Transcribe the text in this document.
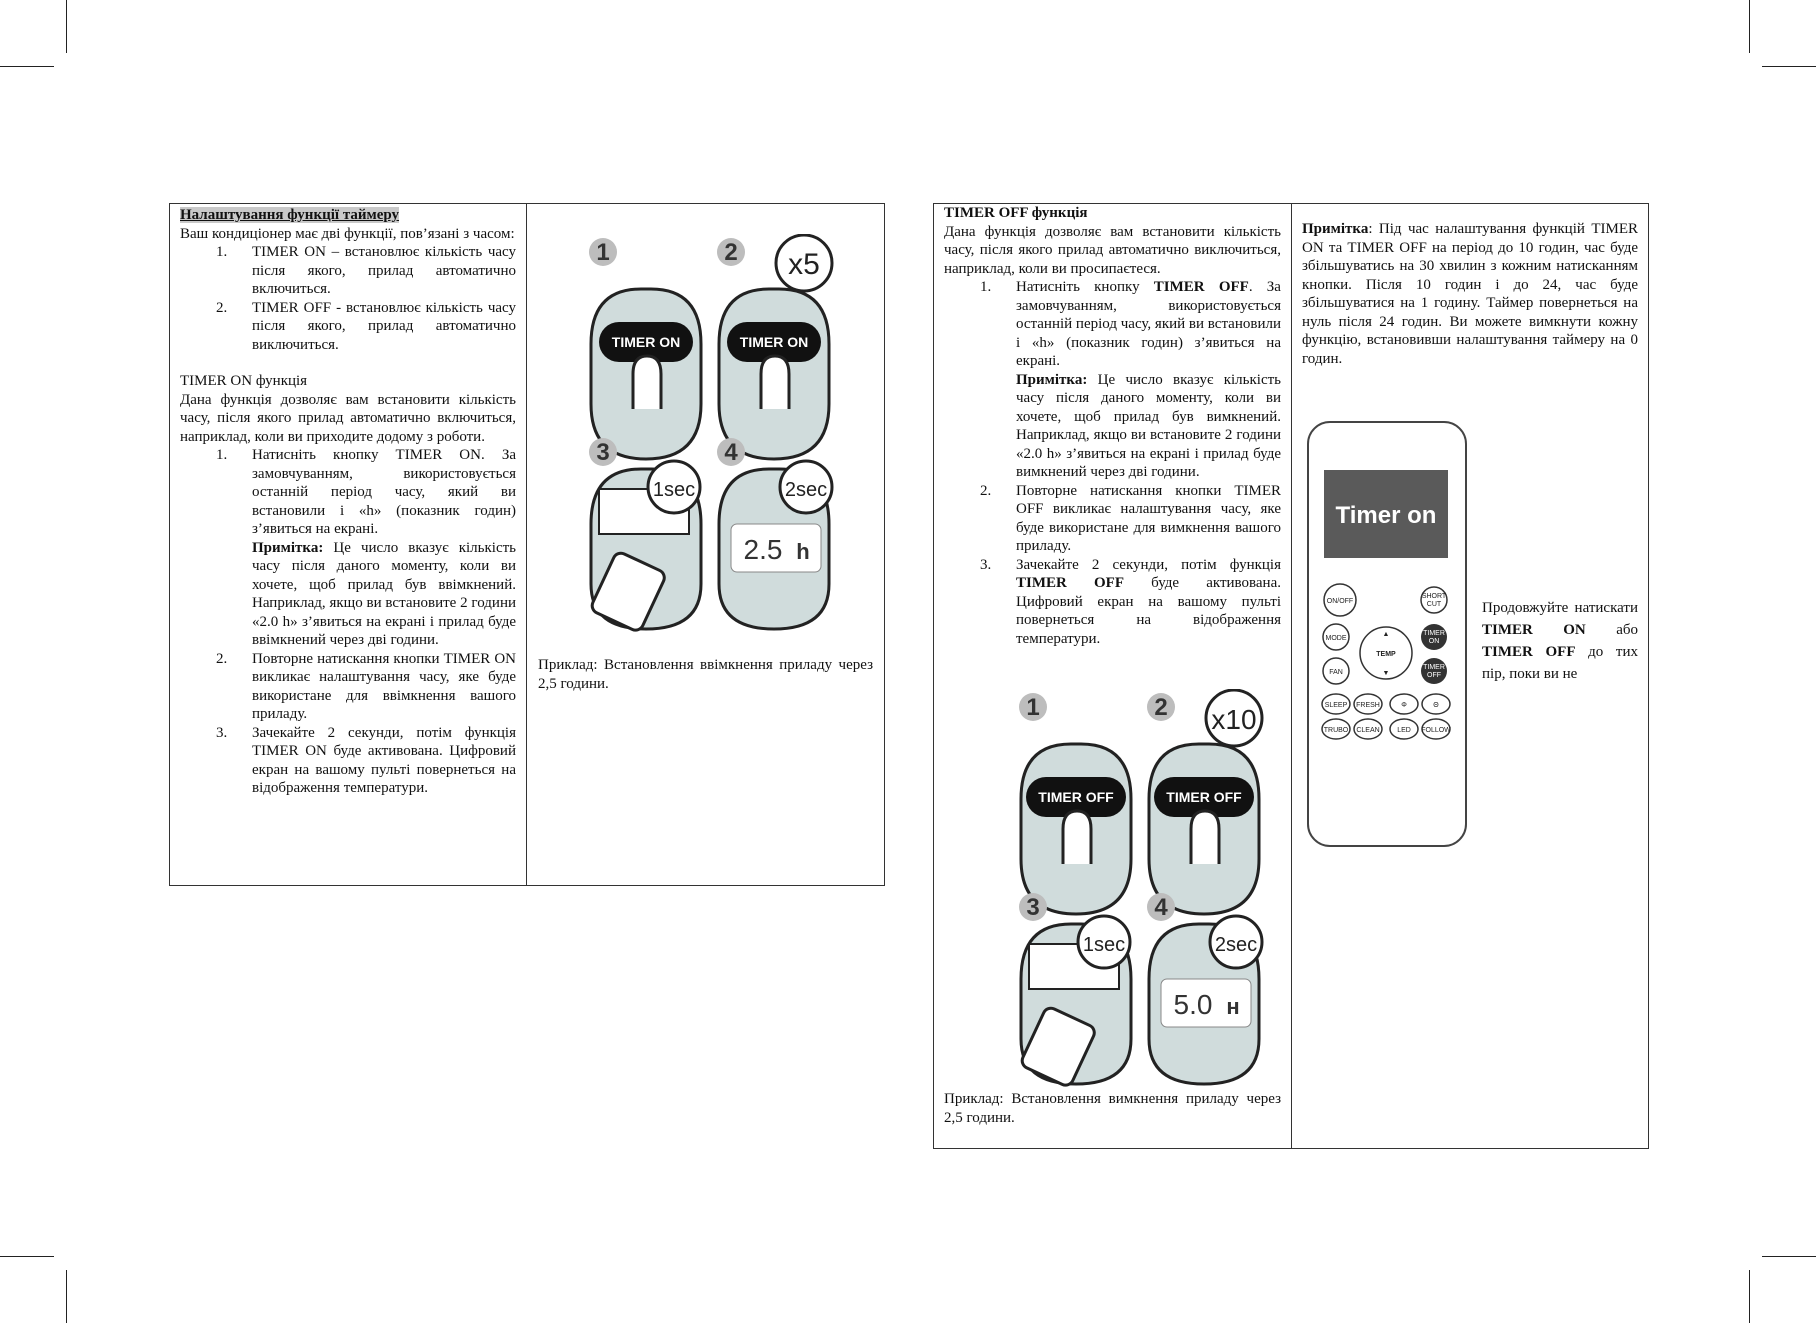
Налаштування функції таймеру

Ваш кондиціонер має дві функції, пов’язані з часом:

1. TIMER ON – встановлює кількість часу після якого, прилад автоматично включиться.
2. TIMER OFF - встановлює кількість часу після якого, прилад автоматично виключиться.

TIMER ON функція

Дана функція дозволяє вам встановити кількість часу, після якого прилад автоматично включиться, наприклад, коли ви приходите додому з роботи.

1. Натисніть кнопку TIMER ON. За замовчуванням, використовується останній період часу, який ви встановили і «h» (показник годин) з’явиться на екрані.
Примітка: Це число вказує кількість часу після даного моменту, коли ви хочете, щоб прилад був ввімкнений. Наприклад, якщо ви встановите 2 години «2.0 h» з’явиться на екрані і прилад буде ввімкнений через дві години.
2. Повторне натискання кнопки TIMER ON викликає налаштування часу, яке буде використане для ввімкнення вашого приладу.
3. Зачекайте 2 секунди, потім функція TIMER ON буде активована. Цифровий екран на вашому пульті повернеться на відображення температури.
TIMER ON
1
TIMER ON
2 x5
3
1sec
2.5 h
4
2sec
Приклад: Встановлення ввімкнення приладу через 2,5 години.

TIMER OFF функція

Дана функція дозволяє вам встановити кількість часу, після якого прилад автоматично виключиться, наприклад, коли ви просипаєтеся.

1. Натисніть кнопку TIMER OFF. За замовчуванням, використовується останній період часу, який ви встановили і «h» (показник годин) з’явиться на екрані.
Примітка: Це число вказує кількість часу після даного моменту, коли ви хочете, щоб прилад був вимкнений. Наприклад, якщо ви встановите 2 години «2.0 h» з’явиться на екрані і прилад буде вимкнений через дві години.
2. Повторне натискання кнопки TIMER OFF викликає налаштування часу, яке буде використане для вимкнення вашого приладу.
3. Зачекайте 2 секунди, потім функція TIMER OFF буде активована. Цифровий екран на вашому пульті повернеться на відображення температури.
TIMER OFF
1
TIMER OFF
2 x10
3
1sec
5.0 н
4
2sec
Приклад: Встановлення вимкнення приладу через 2,5 години.

Примітка: Під час налаштування функцій TIMER ON та TIMER OFF на період до 10 годин, час буде збільшуватись на 30 хвилин з кожним натисканням кнопки. Після 10 годин і до 24, час буде збільшуватися на 1 годину. Таймер повернеться на нуль після 24 годин. Ви можете вимкнути кожну функцію, встановивши налаштування таймеру на 0 годин.

Timer on
ON/OFF
SHORT
CUT
MODE
TEMP
▲
▼
TIMER
ON
FAN
TIMER
OFF
SLEEP FRESH	Φ	Θ
TRUBO CLEAN	LED FOLLOW
Продовжуйте натискати TIMER ON або TIMER OFF до тих пір, поки ви не
